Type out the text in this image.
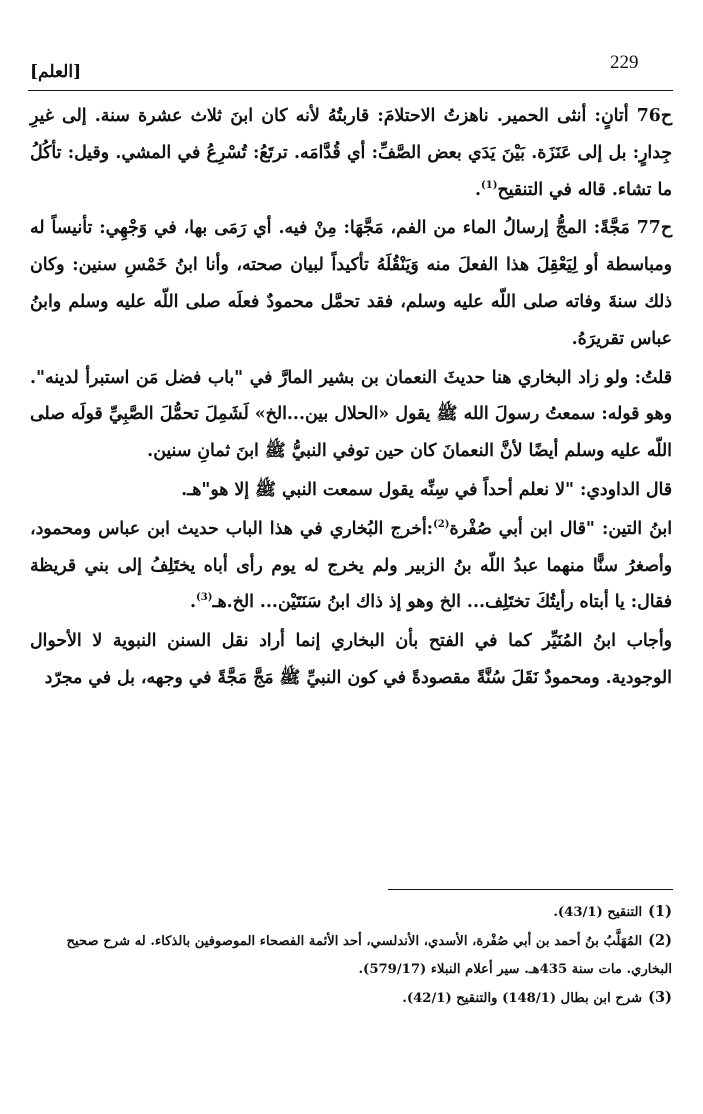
229
[العلم]

ح76 أتانٍ: أنثى الحمير. ناهزتُ الاحتلامَ: قاربتُهُ لأنه كان ابنَ ثلاث عشرة سنة. إلى غيرِ جِدارٍ: بل إلى عَنَزَة. بَيْنَ يَدَي بعض الصَّفِّ: أي قُدَّامَه. ترتَعُ: تُسْرِعُ في المشي. وقيل: تأكُلُ ما تشاء. قاله في التنقيح$^{(1)}$.

ح77 مَجَّةً: المجُّ إرسالُ الماء من الفم، مَجَّهَا: مِنْ فيه. أي رَمَى بها، في وَجْهِي: تأنيساً له ومباسطة أو لِيَعْقِلَ هذا الفعلَ منه وَيَنْقُلَهُ تأكيداً لبيان صحته، وأنا ابنُ خَمْسِ سنين: وكان ذلك سنةَ وفاته صلى اللّه عليه وسلم، فقد تحمَّل محمودٌ فعلَه صلى اللّه عليه وسلم وابنُ عباس تقريرَهُ.

قلتُ: ولو زاد البخاري هنا حديثَ النعمان بن بشير المارَّ في "باب فضل مَن استبرأ لدينه". وهو قوله: سمعتُ رسولَ الله ﷺ يقول «الحلال بين...الخ» لَشَمِلَ تحمُّلَ الصَّبِيِّ قولَه صلى اللّه عليه وسلم أيضًا لأنَّ النعمانَ كان حين توفي النبيُّ ﷺ ابنَ ثمانِ سنين.

قال الداودي: "لا نعلم أحداً في سِنِّه يقول سمعت النبي ﷺ إلا هو"هـ.

ابنُ التين: "قال ابن أبي صُفْرة$^{(2)}$:أخرج البُخاري في هذا الباب حديث ابن عباس ومحمود، وأصغرُ سنًّا منهما عبدُ اللّه بنُ الزبير ولم يخرج له يوم رأى أباه يختَلِفُ إلى بني قريظة فقال: يا أبتاه رأيتُكَ تختَلِف... الخ وهو إذ ذاك ابنُ سَنَتَيْن... الخ.هـ$^{(3)}$.

وأجاب ابنُ المُنَيِّر كما في الفتح بأن البخاري إنما أراد نقل السنن النبوية لا الأحوال الوجودية. ومحمودٌ نَقَلَ سُنَّةً مقصودةً في كون النبيِّ ﷺ مَجَّ مَجَّةً في وجهه، بل في مجرّد

(1)التنقيح (43/1).

(2)المُهَلَّبُ بنُ أحمد بن أبي صُفْرة، الأسدي، الأندلسي، أحد الأئمة الفصحاء الموصوفين بالذكاء. له شرح صحيح البخاري. مات سنة 435هـ. سير أعلام النبلاء (579/17).

(3)شرح ابن بطال (148/1) والتنقيح (42/1).
